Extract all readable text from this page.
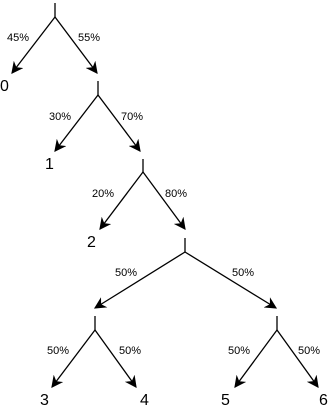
45%	55%
30%	70%
20%	80%
50%	50%
50%	50%	50%	50%
0
1
2
3	4	5	6
